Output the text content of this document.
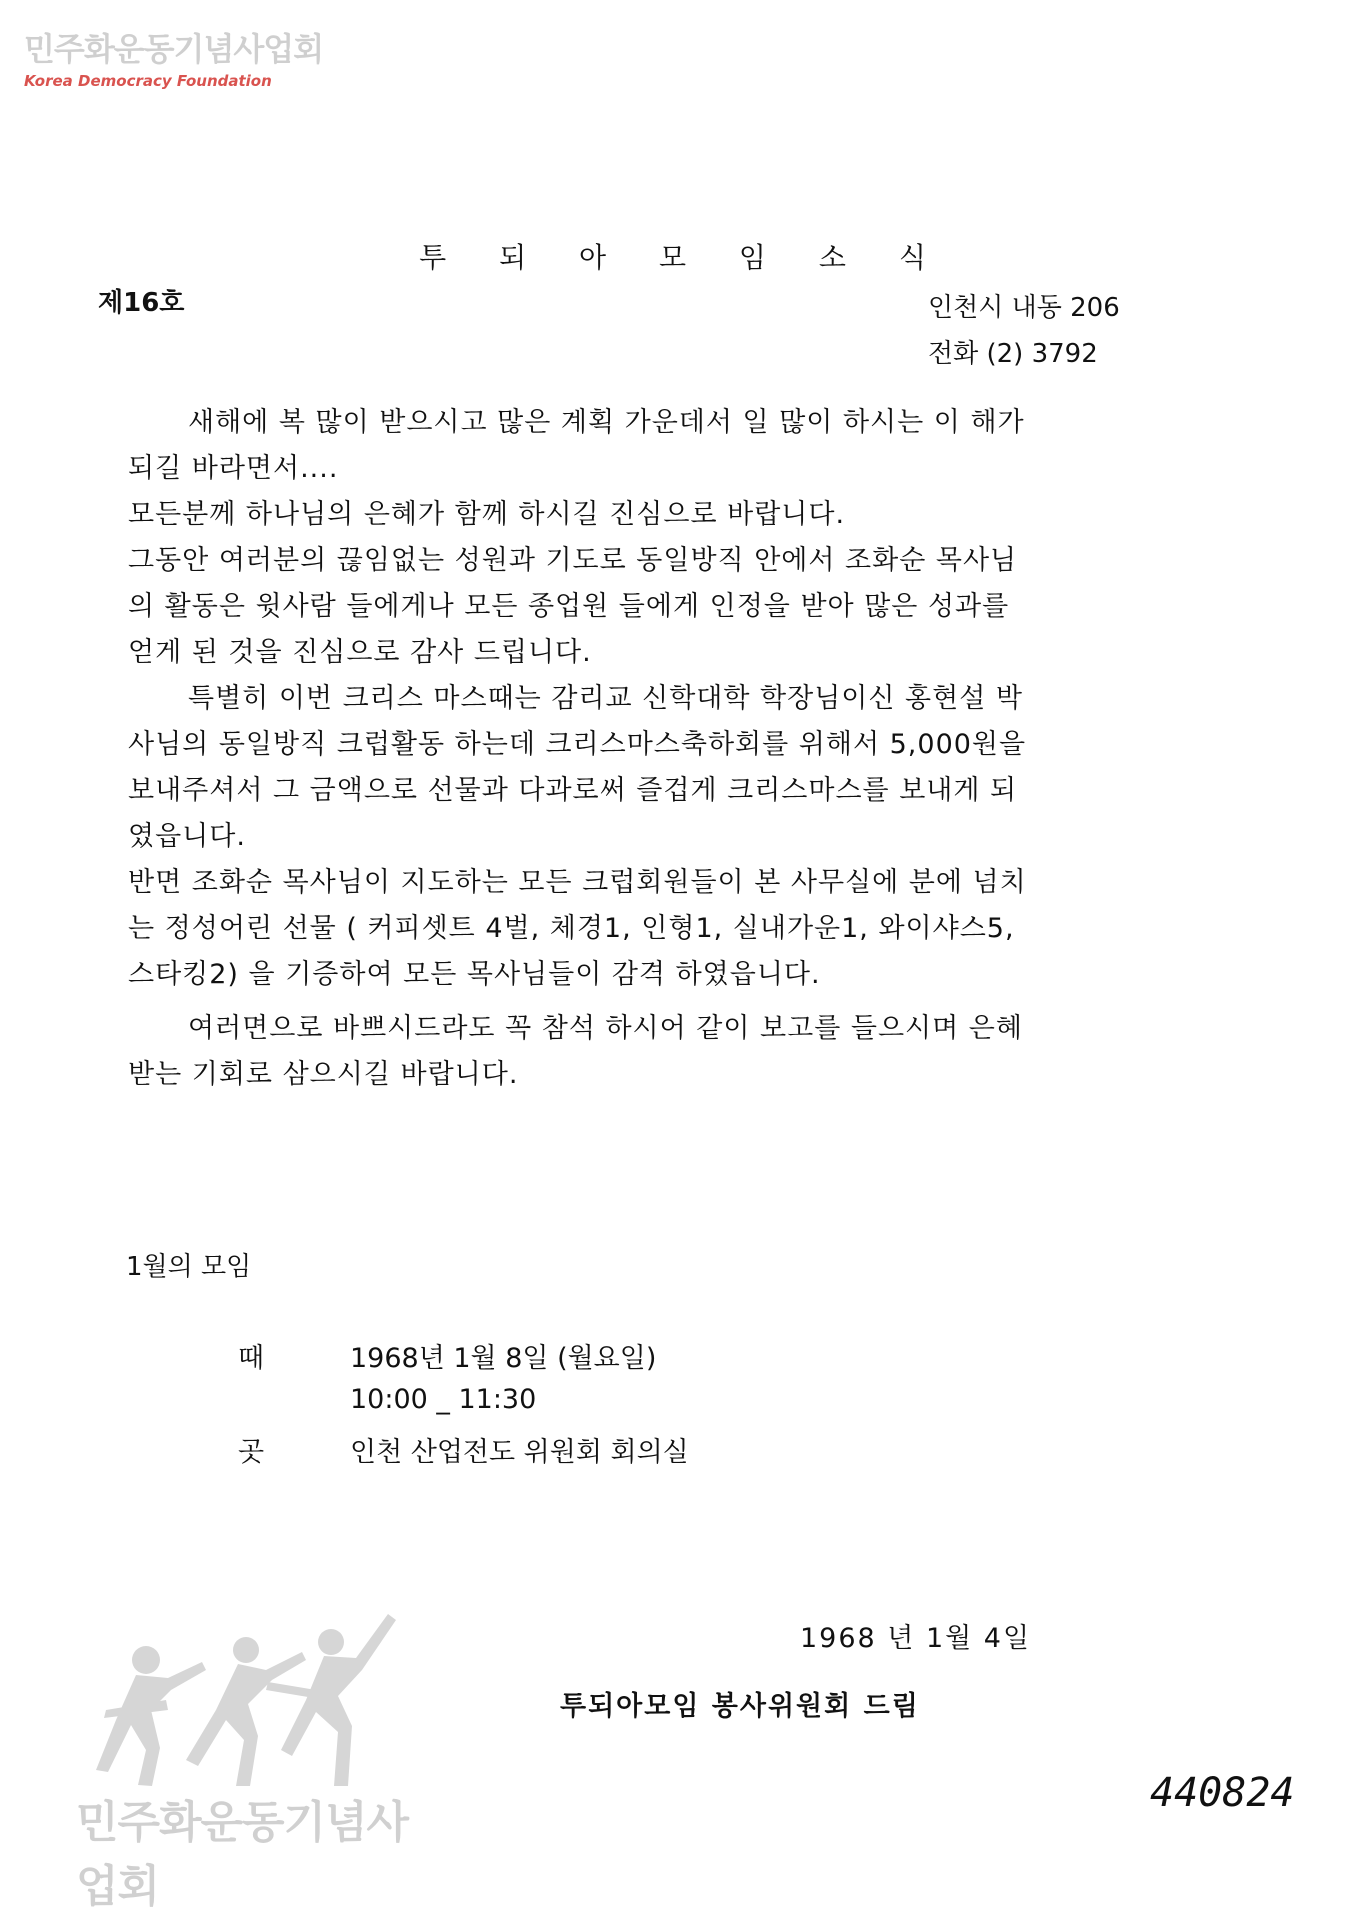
민주화운동기념사업회
Korea Democracy Foundation
투 되 아 모 임 소 식
제16호	인천시 내동 206
전화 (2) 3792

새해에 복 많이 받으시고 많은 계획 가운데서 일 많이 하시는 이 해가

되길 바라면서....

모든분께 하나님의 은혜가 함께 하시길 진심으로 바랍니다.

그동안 여러분의 끊임없는 성원과 기도로 동일방직 안에서 조화순 목사님

의 활동은 윗사람 들에게나 모든 종업원 들에게 인정을 받아 많은 성과를

얻게 된 것을 진심으로 감사 드립니다.

특별히 이번 크리스 마스때는 감리교 신학대학 학장님이신 홍현설 박

사님의 동일방직 크럽활동 하는데 크리스마스축하회를 위해서 5,000원을

보내주셔서 그 금액으로 선물과 다과로써 즐겁게 크리스마스를 보내게 되

였읍니다.

반면 조화순 목사님이 지도하는 모든 크럽회원들이 본 사무실에 분에 넘치

는 정성어린 선물 ( 커피셋트 4벌, 체경1, 인형1, 실내가운1, 와이샤스5,

스타킹2) 을 기증하여 모든 목사님들이 감격 하였읍니다.

여러면으로 바쁘시드라도 꼭 참석 하시어 같이 보고를 들으시며 은혜

받는 기회로 삼으시길 바랍니다.

1월의 모임
때	1968년 1월 8일 (월요일)
10:00 _ 11:30
곳	인천 산업전도 위원회 회의실
민주화운동기념사업회
1968 년 1월 4일
투되아모임 봉사위원회 드림
440824
